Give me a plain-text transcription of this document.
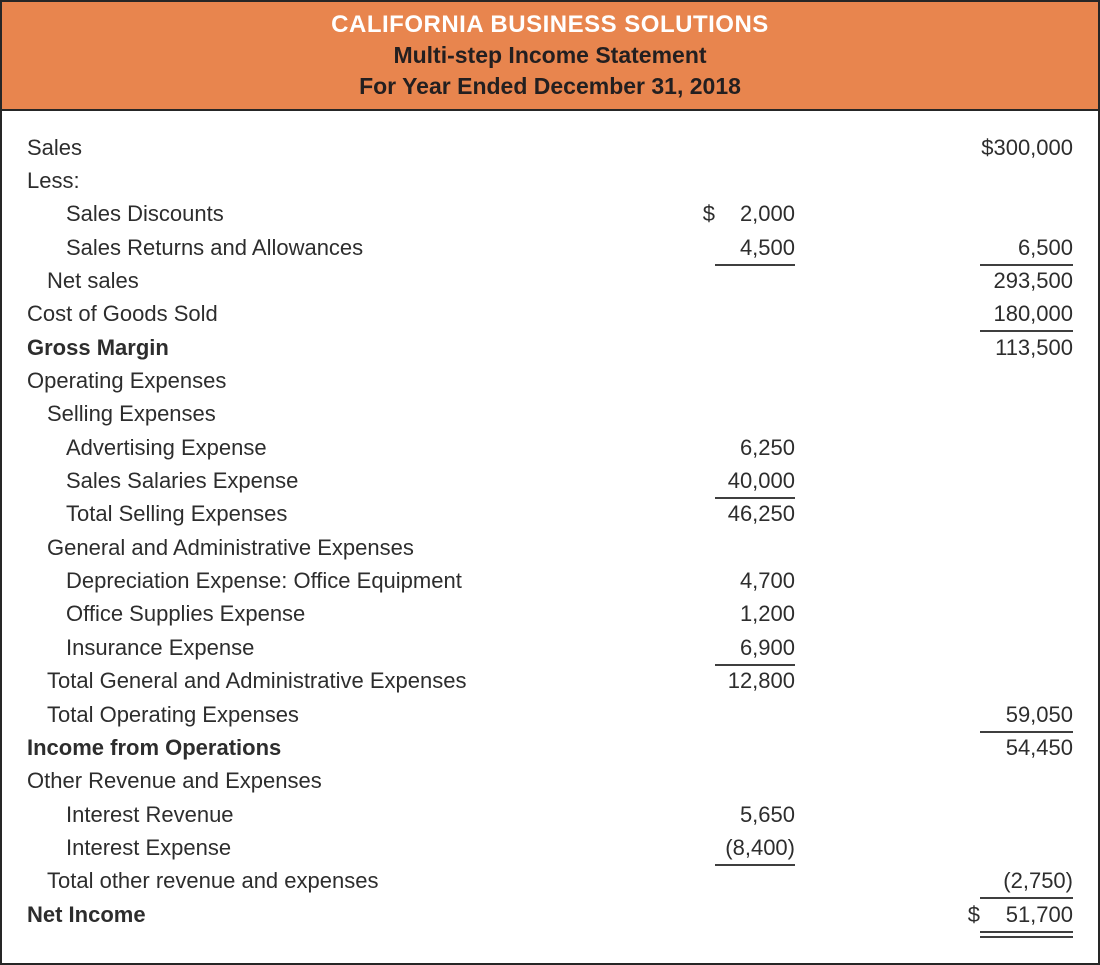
CALIFORNIA BUSINESS SOLUTIONS
Multi-step Income Statement
For Year Ended December 31, 2018
Sales	$300,000
Less:
Sales Discounts	$	2,000
Sales Returns and Allowances	4,500	6,500
Net sales	293,500
Cost of Goods Sold	180,000
Gross Margin	113,500
Operating Expenses
Selling Expenses
Advertising Expense	6,250
Sales Salaries Expense	40,000
Total Selling Expenses	46,250
General and Administrative Expenses
Depreciation Expense: Office Equipment	4,700
Office Supplies Expense	1,200
Insurance Expense	6,900
Total General and Administrative Expenses	12,800
Total Operating Expenses	59,050
Income from Operations	54,450
Other Revenue and Expenses
Interest Revenue	5,650
Interest Expense	(8,400)
Total other revenue and expenses	(2,750)
Net Income	$	51,700
